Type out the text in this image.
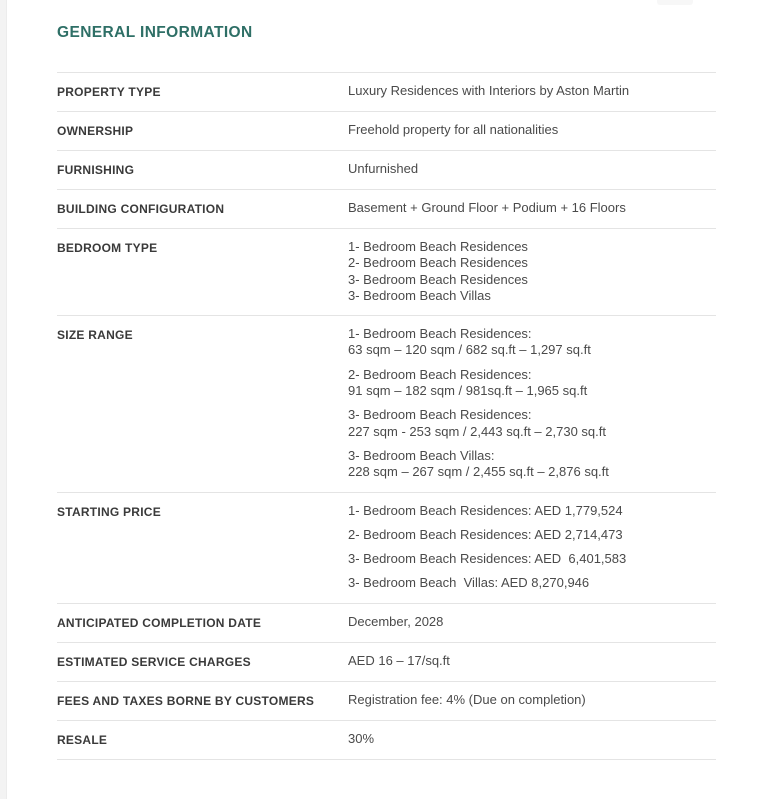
GENERAL INFORMATION
PROPERTY TYPE	Luxury Residences with Interiors by Aston Martin
OWNERSHIP	Freehold property for all nationalities
FURNISHING	Unfurnished
BUILDING CONFIGURATION	Basement + Ground Floor + Podium + 16 Floors
BEDROOM TYPE	1- Bedroom Beach Residences
2- Bedroom Beach Residences
3- Bedroom Beach Residences
3- Bedroom Beach Villas
SIZE RANGE	1- Bedroom Beach Residences:
63 sqm – 120 sqm / 682 sq.ft – 1,297 sq.ft
2- Bedroom Beach Residences:
91 sqm – 182 sqm / 981sq.ft – 1,965 sq.ft
3- Bedroom Beach Residences:
227 sqm - 253 sqm / 2,443 sq.ft – 2,730 sq.ft
3- Bedroom Beach Villas:
228 sqm – 267 sqm / 2,455 sq.ft – 2,876 sq.ft
STARTING PRICE	1- Bedroom Beach Residences: AED 1,779,524
2- Bedroom Beach Residences: AED 2,714,473
3- Bedroom Beach Residences: AED  6,401,583
3- Bedroom Beach  Villas: AED 8,270,946
ANTICIPATED COMPLETION DATE	December, 2028
ESTIMATED SERVICE CHARGES	AED 16 – 17/sq.ft
FEES AND TAXES BORNE BY CUSTOMERS	Registration fee: 4% (Due on completion)
RESALE	30%
